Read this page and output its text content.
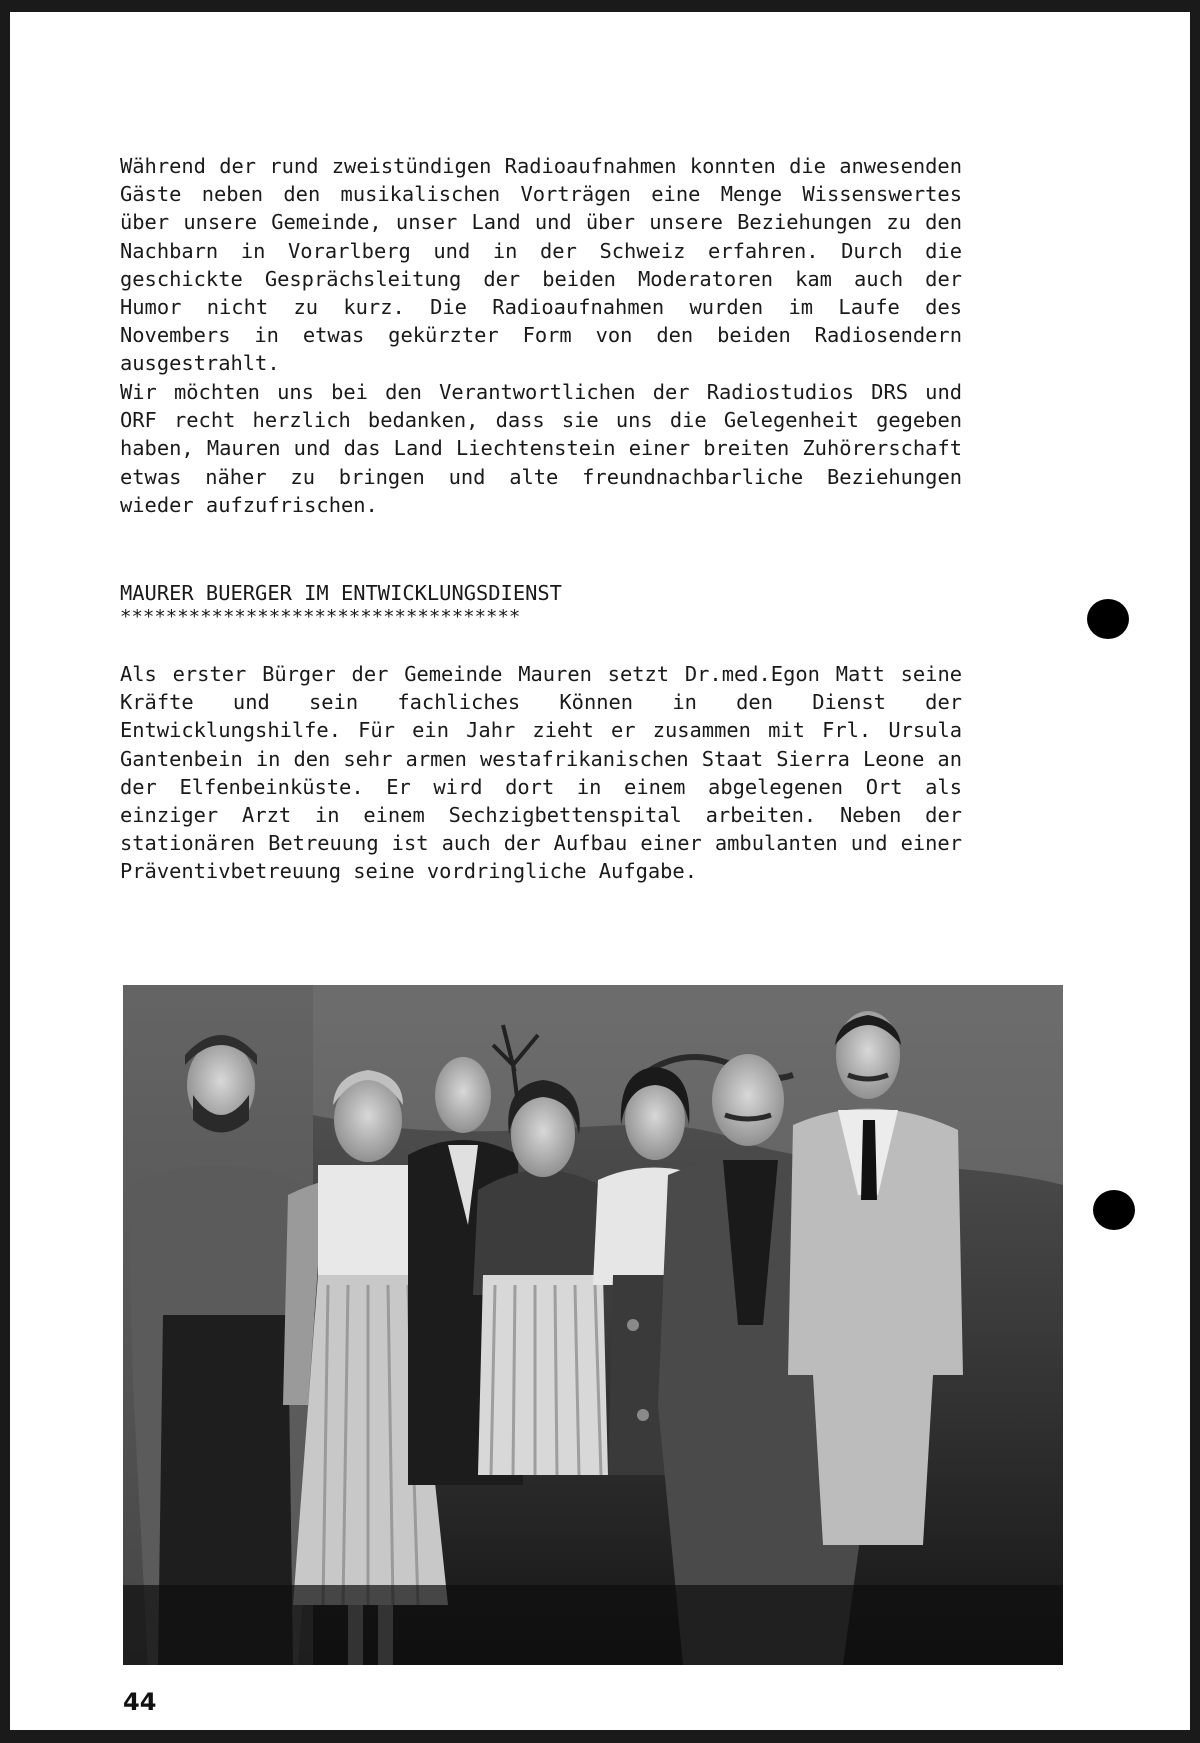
Während der rund zweistündigen Radioaufnahmen konnten die anwesenden Gäste neben den musikalischen Vorträgen eine Menge Wissenswertes über unsere Gemeinde, unser Land und über unsere Beziehungen zu den Nachbarn in Vorarlberg und in der Schweiz erfahren. Durch die geschickte Gesprächsleitung der beiden Moderatoren kam auch der Humor nicht zu kurz. Die Radioaufnahmen wurden im Laufe des Novembers in etwas gekürzter Form von den beiden Radiosendern ausgestrahlt.

Wir möchten uns bei den Verantwortlichen der Radiostudios DRS und ORF recht herzlich bedanken, dass sie uns die Gelegenheit gegeben haben, Mauren und das Land Liechtenstein einer breiten Zuhörerschaft etwas näher zu bringen und alte freundnachbarliche Beziehungen wieder aufzufrischen.

MAURER BUERGER IM ENTWICKLUNGSDIENST
***********************************

Als erster Bürger der Gemeinde Mauren setzt Dr.med.Egon Matt seine Kräfte und sein fachliches Können in den Dienst der Entwicklungshilfe. Für ein Jahr zieht er zusammen mit Frl. Ursula Gantenbein in den sehr armen westafrikanischen Staat Sierra Leone an der Elfenbeinküste. Er wird dort in einem abgelegenen Ort als einziger Arzt in einem Sechzigbettenspital arbeiten. Neben der stationären Betreuung ist auch der Aufbau einer ambulanten und einer Präventivbetreuung seine vordringliche Aufgabe.

44
